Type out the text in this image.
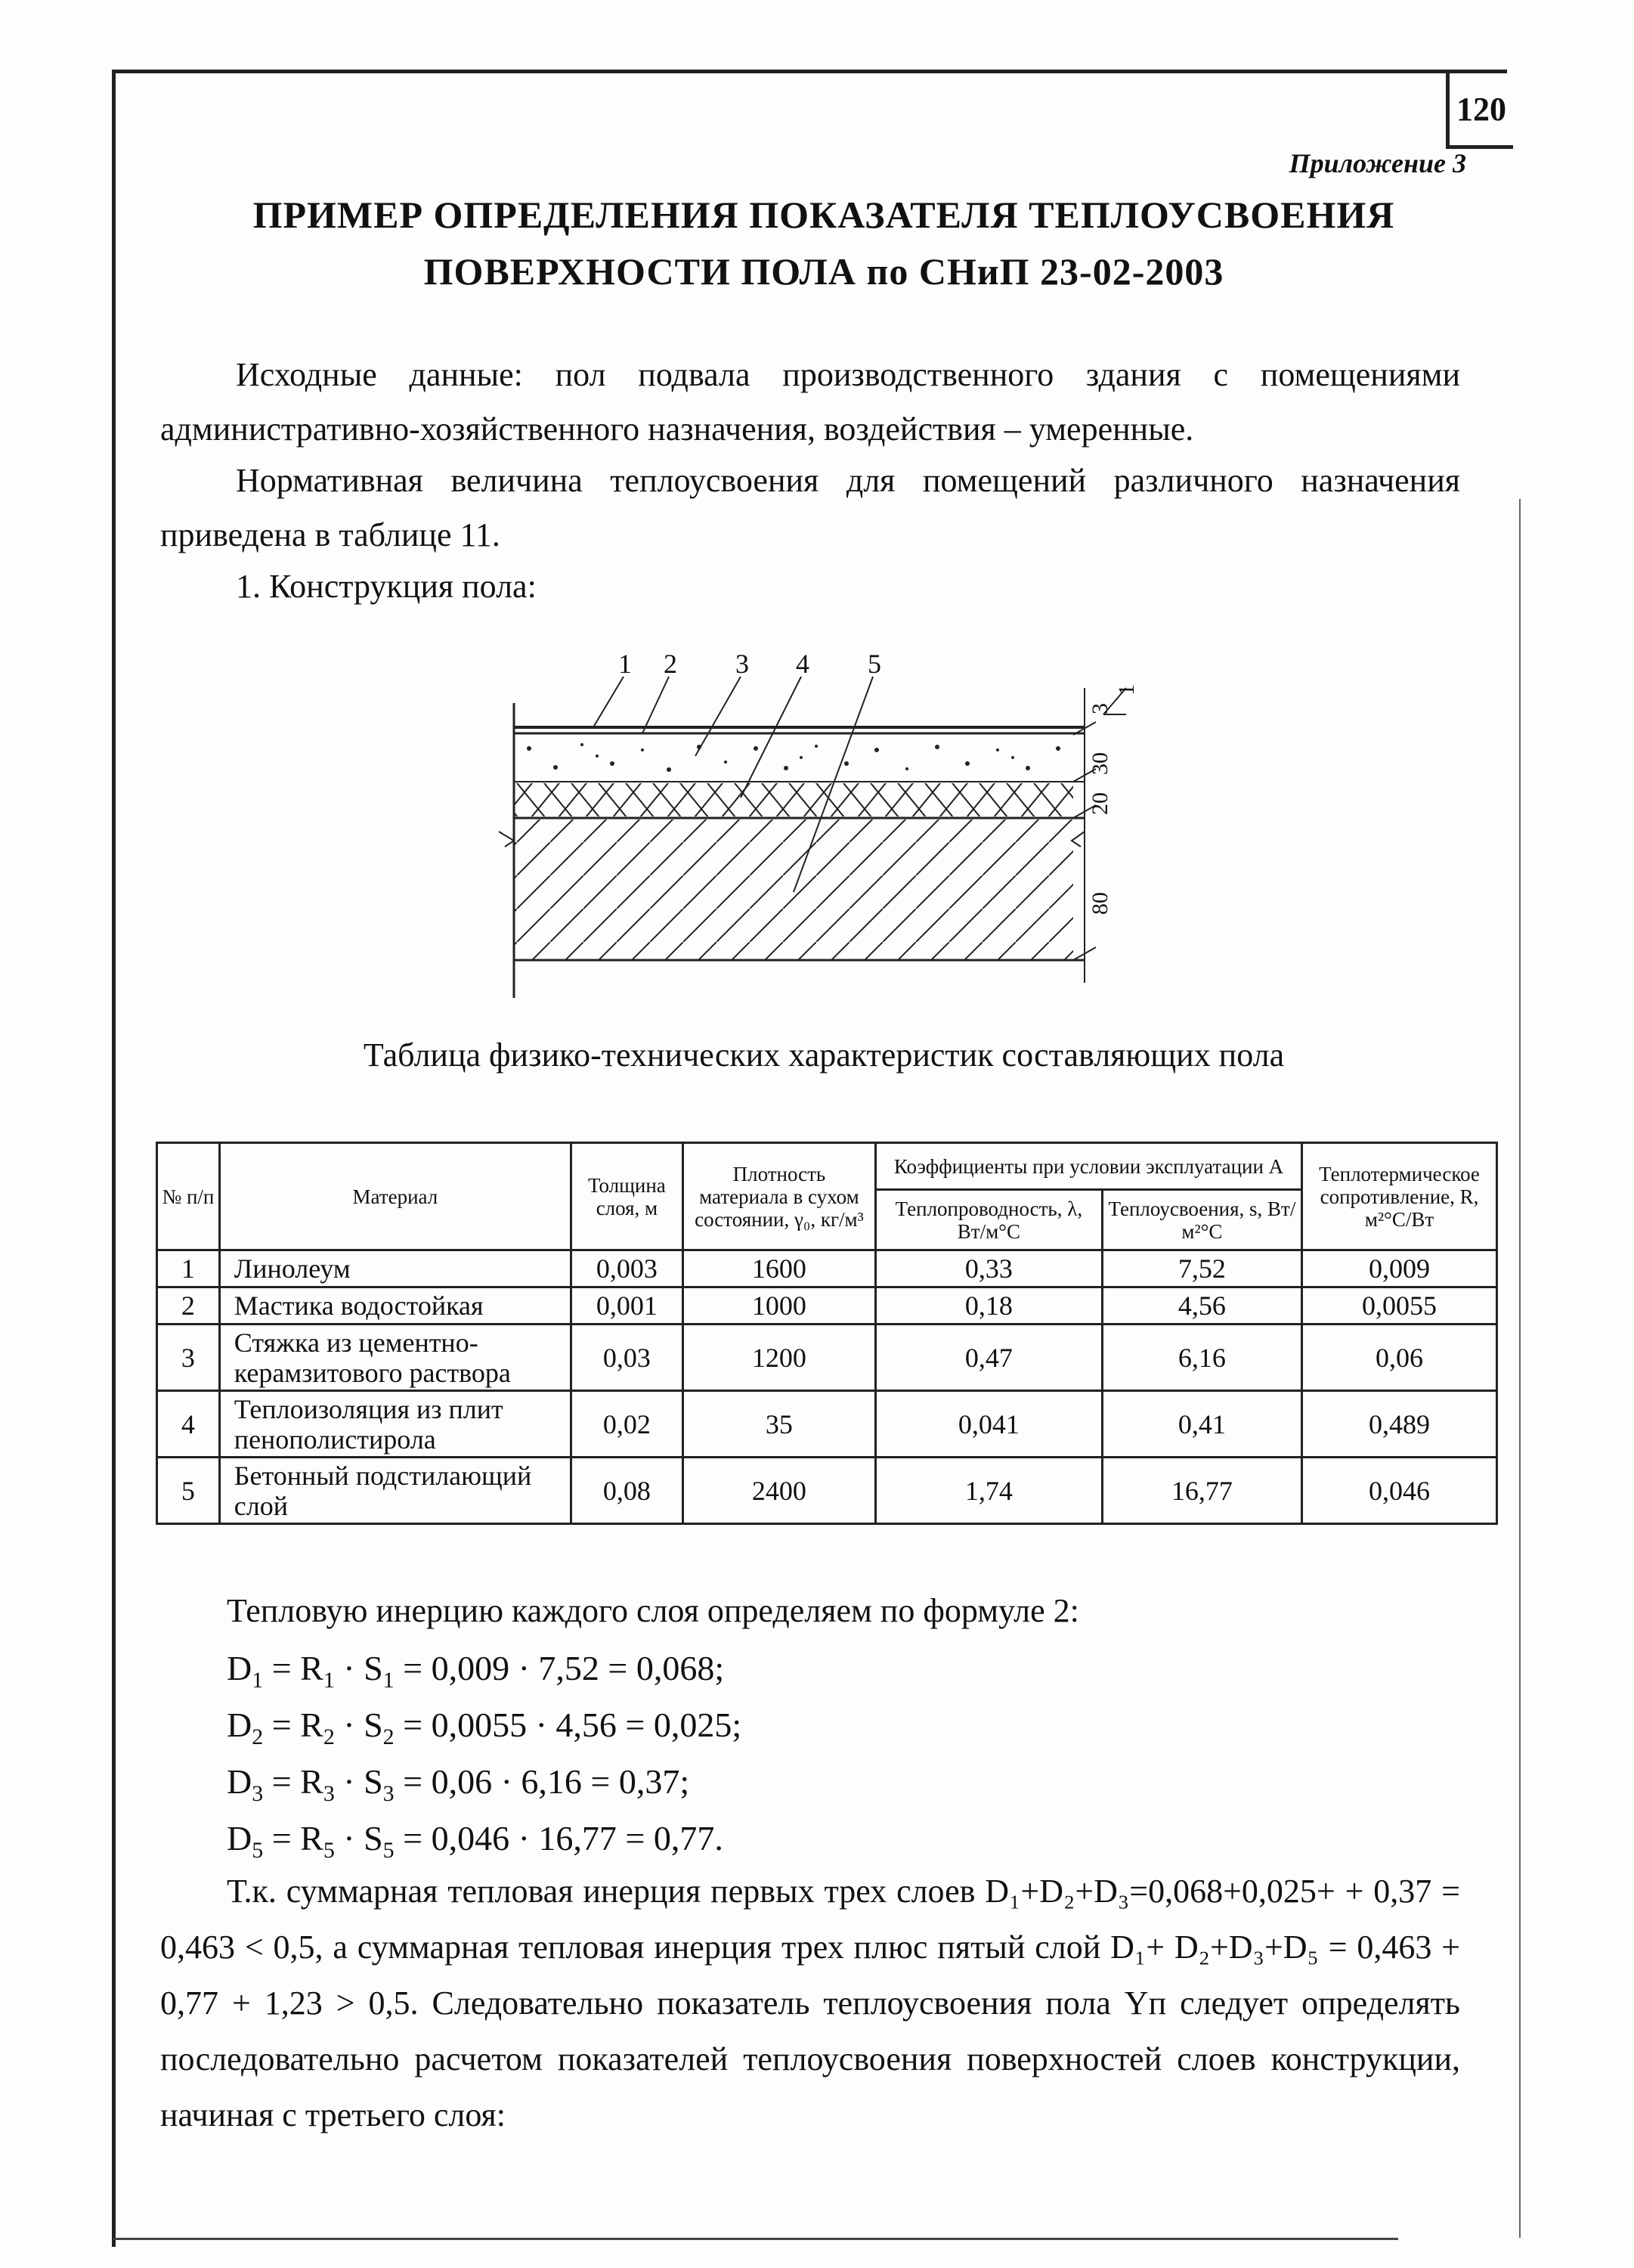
120
Приложение 3
ПРИМЕР ОПРЕДЕЛЕНИЯ ПОКАЗАТЕЛЯ ТЕПЛОУСВОЕНИЯ
ПОВЕРХНОСТИ ПОЛА по СНиП 23-02-2003
Исходные данные: пол подвала производственного здания с помещениями административно-хозяйственного назначения, воздействия – умеренные.
Нормативная величина теплоусвоения для помещений различного назначения приведена в таблице 11.
1. Конструкция пола:
1 2 3 4 5
3
1
30
20
80
Таблица физико-технических характеристик составляющих пола
№ п/п	Материал	Толщина слоя, м	Плотность материала в сухом состоянии, γ₀, кг/м³	Коэффициенты при условии эксплуатации А		Теплотермическое сопротивление, R, м²°С/Вт
				Теплопроводность, λ, Вт/м°С	Теплоусвоения, s, Вт/м²°С	
1	Линолеум	0,003	1600	0,33	7,52	0,009
2	Мастика водостойкая	0,001	1000	0,18	4,56	0,0055
3	Стяжка из цементно-керамзитового раствора	0,03	1200	0,47	6,16	0,06
4	Теплоизоляция из плит пенополистирола	0,02	35	0,041	0,41	0,489
5	Бетонный подстилающий слой	0,08	2400	1,74	16,77	0,046
Тепловую инерцию каждого слоя определяем по формуле 2:
$D_1 = R_1 \cdot S_1 = 0,009 \cdot 7,52 = 0,068$;
$D_2 = R_2 \cdot S_2 = 0,0055 \cdot 4,56 = 0,025$;
$D_3 = R_3 \cdot S_3 = 0,06 \cdot 6,16 = 0,37$;
$D_5 = R_5 \cdot S_5 = 0,046 \cdot 16,77 = 0,77$.
Т.к. суммарная тепловая инерция первых трех слоев D₁+D₂+D₃=0,068+0,025+ + 0,37 = 0,463 < 0,5, а суммарная тепловая инерция трех плюс пятый слой D₁+ D₂+D₃+D₅ = 0,463 + 0,77 + 1,23 > 0,5. Следовательно показатель теплоусвоения пола Yп следует определять последовательно расчетом показателей теплоусвоения поверхностей слоев конструкции, начиная с третьего слоя:
